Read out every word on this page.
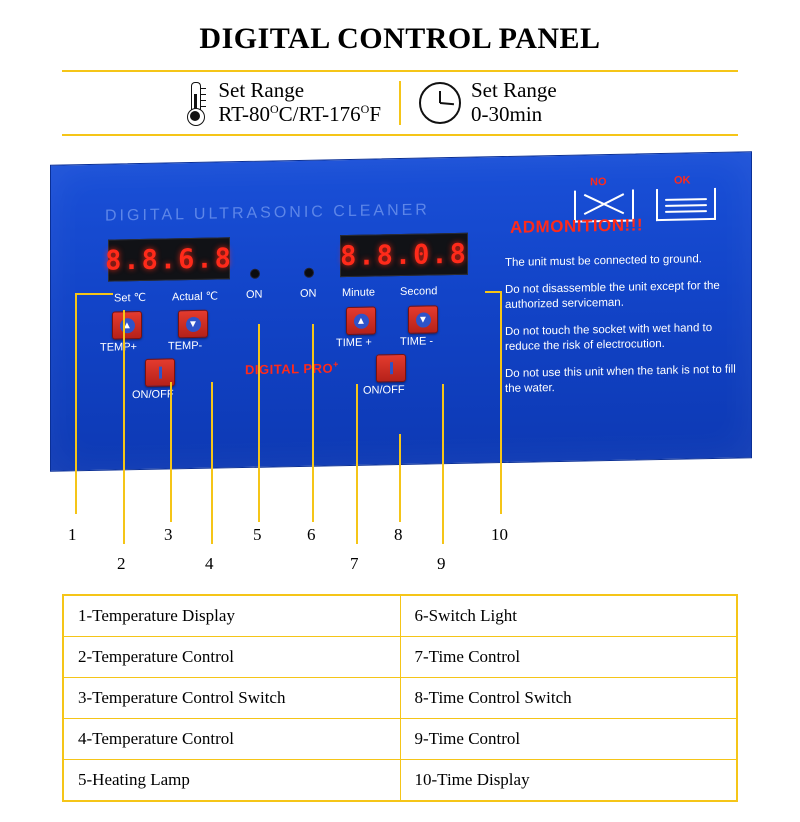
DIGITAL CONTROL PANEL
Set Range
$RT-80^OC/RT-176^OF$
Set Range
0-30min
DIGITAL ULTRASONIC CLEANER
8.8.6.8	8.8.0.8
Set ℃ Actual ℃	ON	ON Minute Second
▲	▼	▲	▼
TEMP+	TEMP-	TIME +	TIME -
ON/OFF	ON/OFF
DIGITAL PRO+
NO	OK
ADMONITION!!!

The unit must be connected to ground.

Do not disassemble the unit except for the authorized serviceman.

Do not touch the socket with wet hand to reduce the risk of electrocution.

Do not use this unit when the tank is not to fill the water.

1
2
3
4
5	6
7
8
9
10
1-Temperature Display	6-Switch Light
2-Temperature Control	7-Time Control
3-Temperature Control Switch	8-Time Control Switch
4-Temperature Control	9-Time Control
5-Heating Lamp	10-Time Display
